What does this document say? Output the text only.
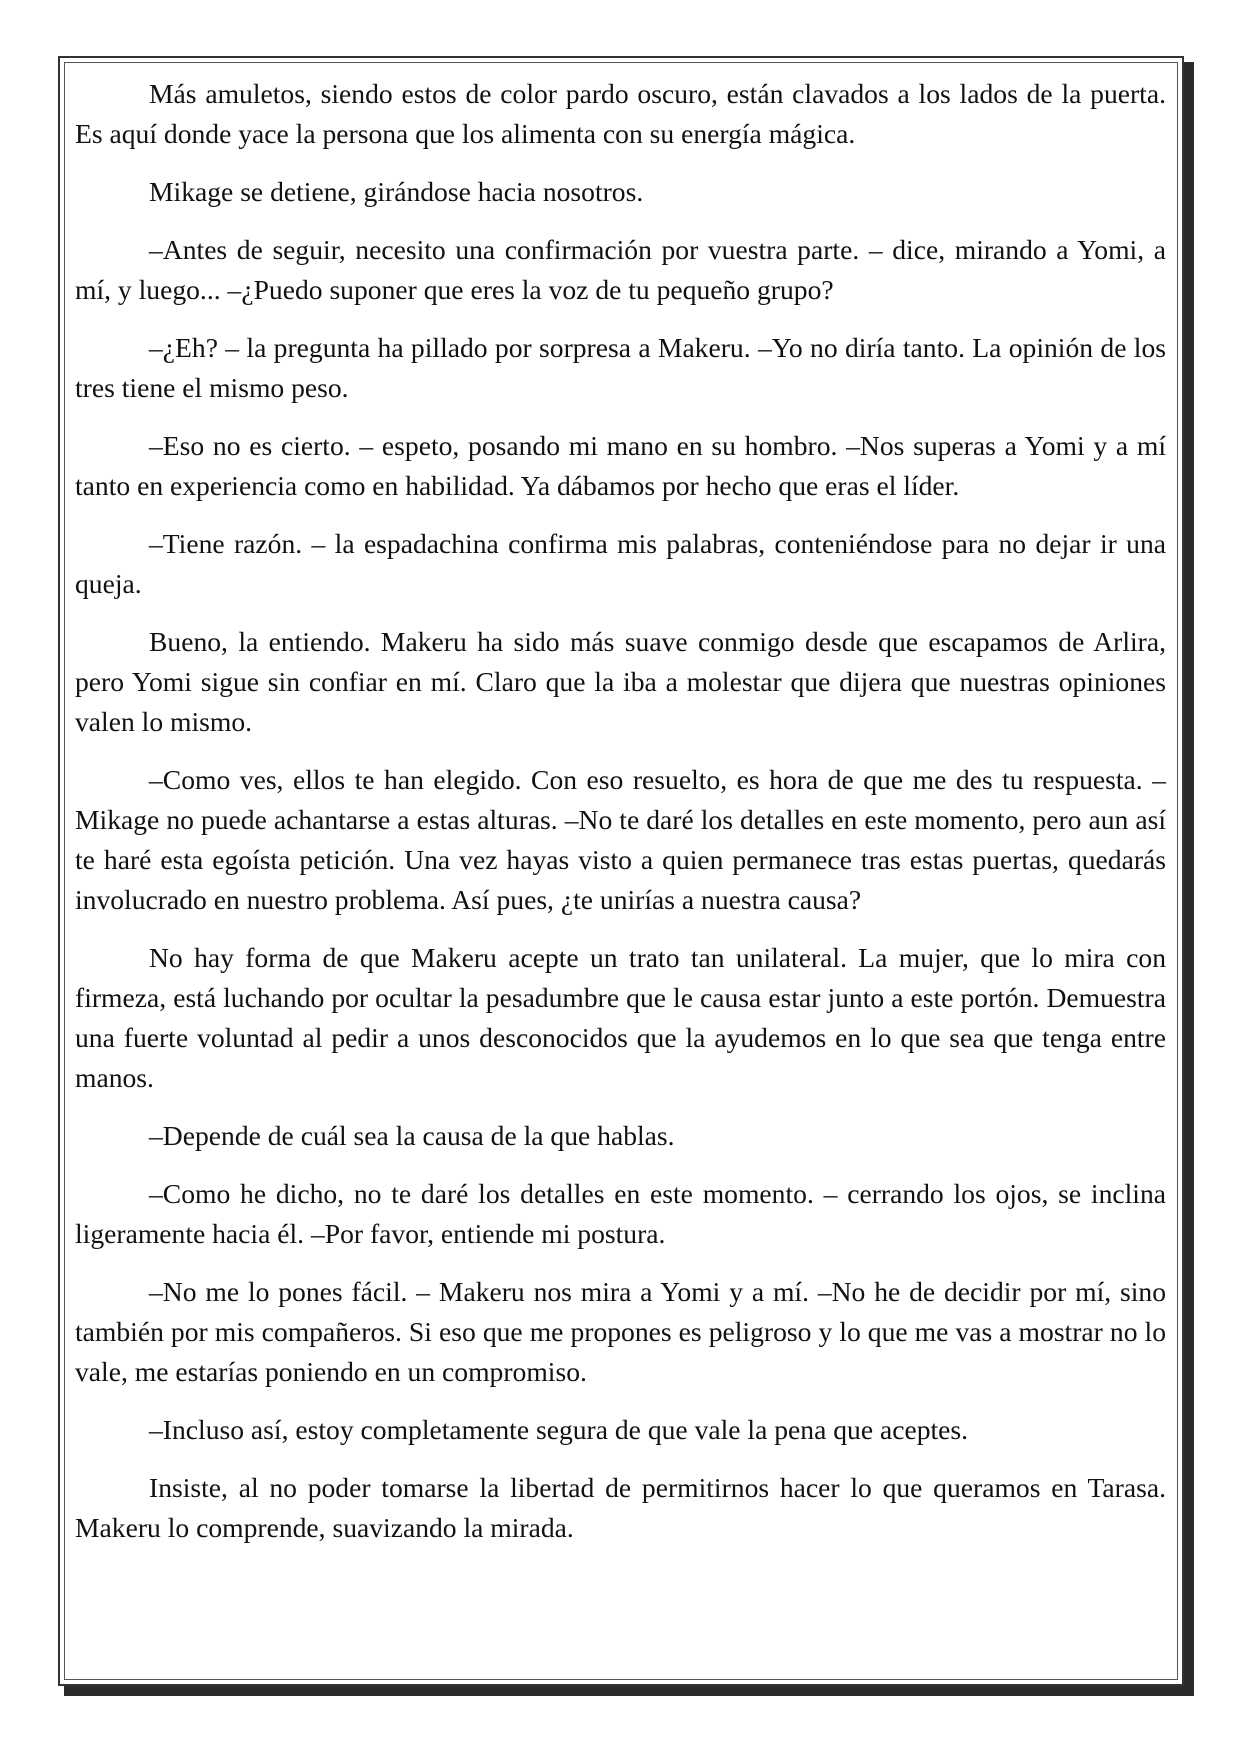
Más amuletos, siendo estos de color pardo oscuro, están clavados a los lados de la puerta. Es aquí donde yace la persona que los alimenta con su energía mágica.

Mikage se detiene, girándose hacia nosotros.

–Antes de seguir, necesito una confirmación por vuestra parte. – dice, mirando a Yomi, a mí, y luego... –¿Puedo suponer que eres la voz de tu pequeño grupo?

–¿Eh? – la pregunta ha pillado por sorpresa a Makeru. –Yo no diría tanto. La opinión de los tres tiene el mismo peso.

–Eso no es cierto. – espeto, posando mi mano en su hombro. –Nos superas a Yomi y a mí tanto en experiencia como en habilidad. Ya dábamos por hecho que eras el líder.

–Tiene razón. – la espadachina confirma mis palabras, conteniéndose para no dejar ir una queja.

Bueno, la entiendo. Makeru ha sido más suave conmigo desde que escapamos de Arlira, pero Yomi sigue sin confiar en mí. Claro que la iba a molestar que dijera que nuestras opiniones valen lo mismo.

–Como ves, ellos te han elegido. Con eso resuelto, es hora de que me des tu respuesta. – Mikage no puede achantarse a estas alturas. –No te daré los detalles en este momento, pero aun así te haré esta egoísta petición. Una vez hayas visto a quien permanece tras estas puertas, quedarás involucrado en nuestro problema. Así pues, ¿te unirías a nuestra causa?

No hay forma de que Makeru acepte un trato tan unilateral. La mujer, que lo mira con firmeza, está luchando por ocultar la pesadumbre que le causa estar junto a este portón. Demuestra una fuerte voluntad al pedir a unos desconocidos que la ayudemos en lo que sea que tenga entre manos.

–Depende de cuál sea la causa de la que hablas.

–Como he dicho, no te daré los detalles en este momento. – cerrando los ojos, se inclina ligeramente hacia él. –Por favor, entiende mi postura.

–No me lo pones fácil. – Makeru nos mira a Yomi y a mí. –No he de decidir por mí, sino también por mis compañeros. Si eso que me propones es peligroso y lo que me vas a mostrar no lo vale, me estarías poniendo en un compromiso.

–Incluso así, estoy completamente segura de que vale la pena que aceptes.

Insiste, al no poder tomarse la libertad de permitirnos hacer lo que queramos en Tarasa. Makeru lo comprende, suavizando la mirada.
